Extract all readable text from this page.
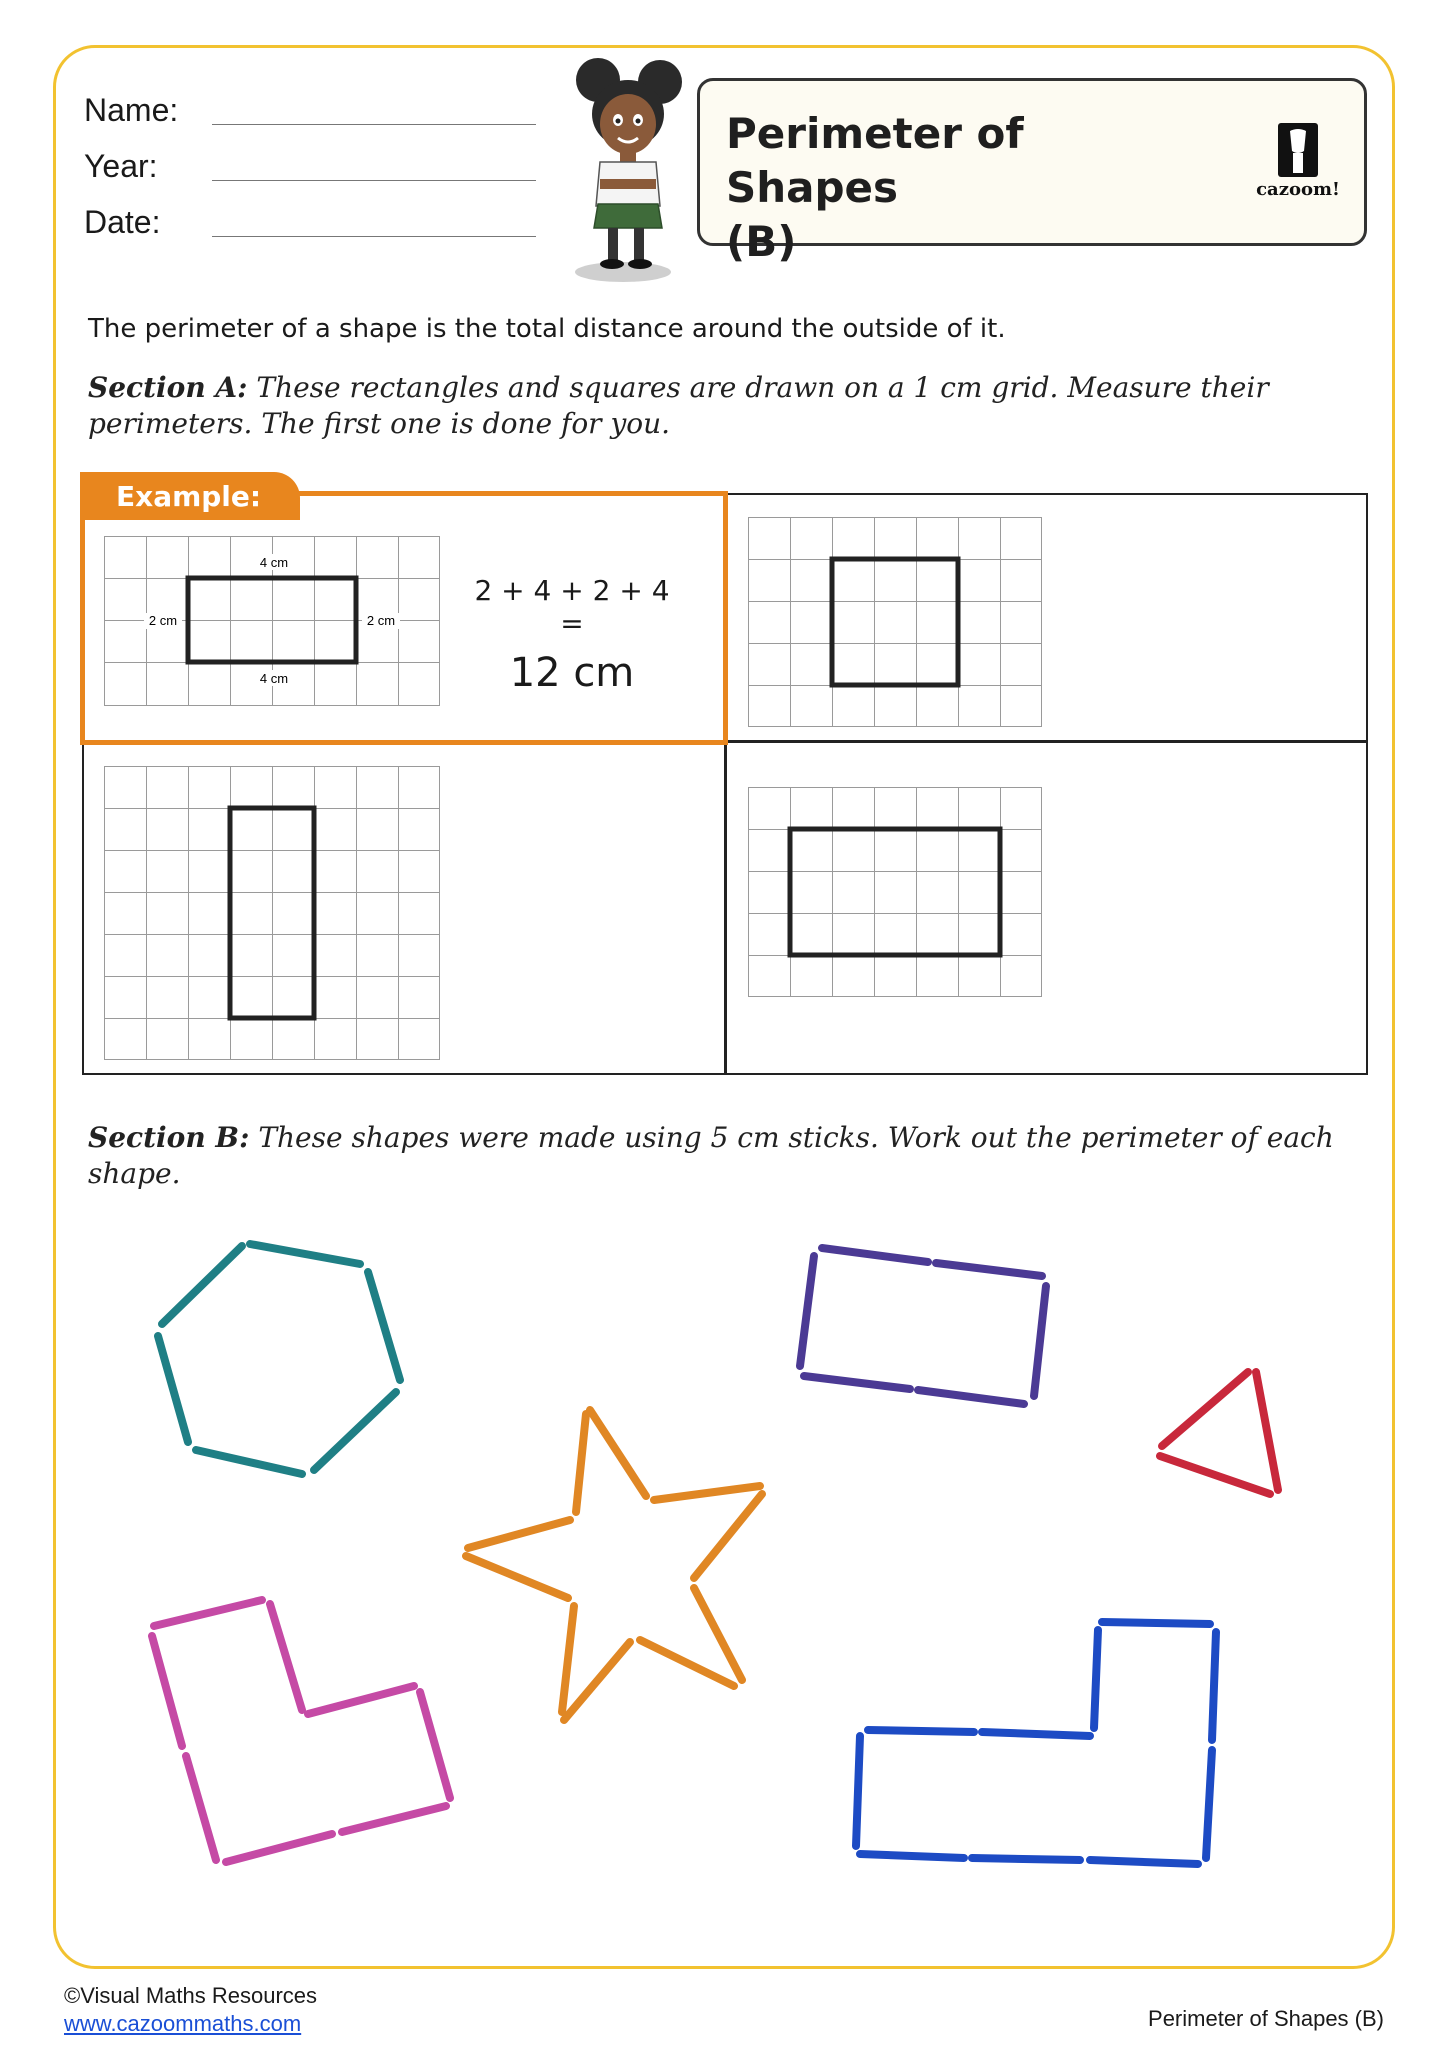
Name:
Year:
Date:
Perimeter of Shapes
(B)
cazoom!
The perimeter of a shape is the total distance around the outside of it.
Section A: These rectangles and squares are drawn on a 1 cm grid. Measure their perimeters. The first one is done for you.
Example:
4 cm
4 cm
2 cm	2 cm
2 + 4 + 2 + 4 =
12 cm
Section B: These shapes were made using 5 cm sticks. Work out the perimeter of each shape.
©Visual Maths Resources
www.cazoommaths.com	Perimeter of Shapes (B)
